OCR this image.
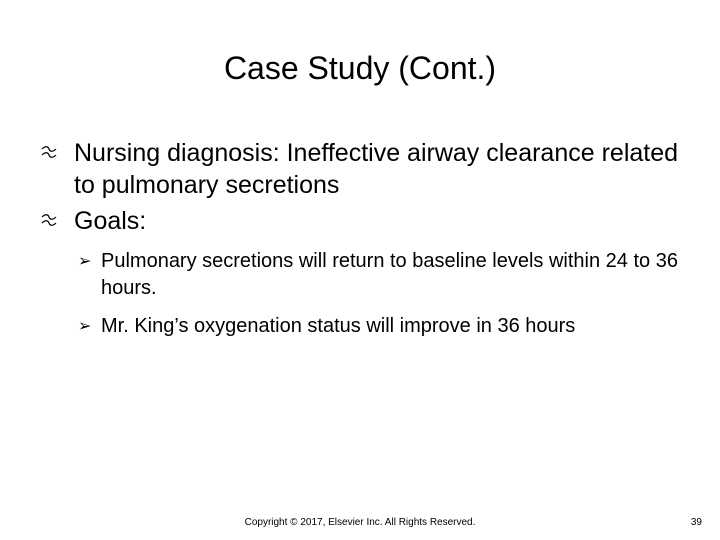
Case Study (Cont.)
Nursing diagnosis: Ineffective airway clearance related to pulmonary secretions
Goals:
➢ Pulmonary secretions will return to baseline levels within 24 to 36 hours.
➢ Mr. King’s oxygenation status will improve in 36 hours
Copyright © 2017, Elsevier Inc. All Rights Reserved.	39
